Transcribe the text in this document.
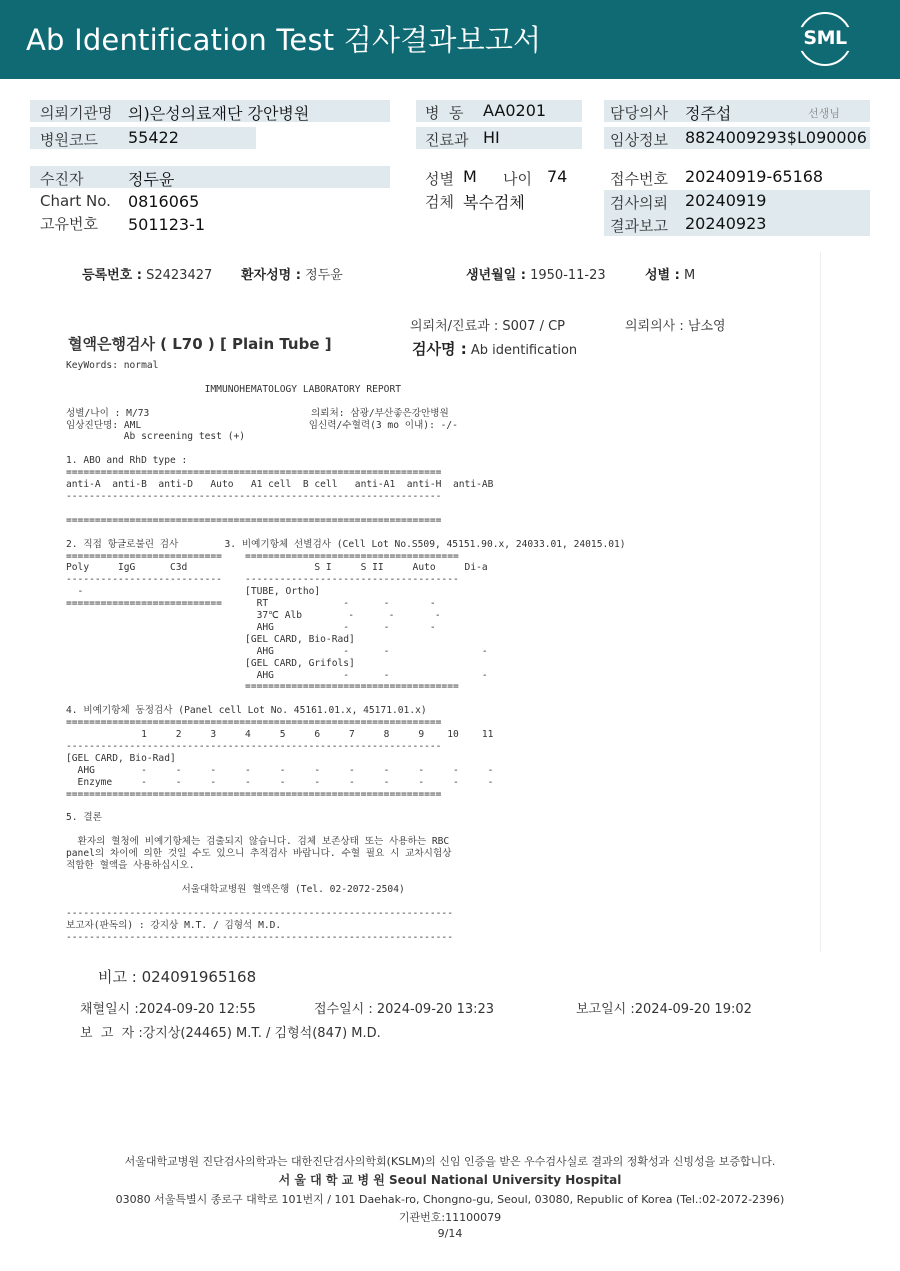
Ab Identification Test 검사결과보고서	SML
의뢰기관명 의)은성의료재단 강안병원
병원코드 55422
수진자	정두윤
Chart No. 0816065
고유번호 501123-1
병  동 AA0201
진료과 HI
성별 M 나이 74
검체 복수검체
담당의사 정주섭	선생님
임상정보 8824009293$L090006
접수번호 20240919-65168
검사의뢰 20240919
결과보고 20240923
등록번호 : S2423427 환자성명 : 정두윤	생년월일 : 1950-11-23	성별 : M
의뢰처/진료과 : S007 / CP	의뢰의사 : 남소영
혈액은행검사 ( L70 ) [ Plain Tube ]	검사명 : Ab identification
KeyWords: normal

IMMUNOHEMATOLOGY LABORATORY REPORT

성별/나이 : M/73                            의뢰처: 삼광/부산좋은강안병원
임상진단명: AML                             임신력/수혈력(3 mo 이내): -/-
Ab screening test (+)

1. ABO and RhD type :
=================================================================
anti-A  anti-B  anti-D   Auto   A1 cell  B cell   anti-A1  anti-H  anti-AB
-----------------------------------------------------------------

=================================================================

2. 직접 항글로불린 검사        3. 비예기항체 선별검사 (Cell Lot No.S509, 45151.90.x, 24033.01, 24015.01)
===========================    =====================================
Poly     IgG      C3d                      S I     S II     Auto     Di-a
---------------------------    -------------------------------------
-                            [TUBE, Ortho]
===========================      RT             -      -       -
37℃ Alb        -      -       -
AHG            -      -       -
[GEL CARD, Bio-Rad]
AHG            -      -                -
[GEL CARD, Grifols]
AHG            -      -                -
=====================================

4. 비예기항체 동정검사 (Panel cell Lot No. 45161.01.x, 45171.01.x)
=================================================================
1     2     3     4     5     6     7     8     9    10    11
-----------------------------------------------------------------
[GEL CARD, Bio-Rad]
AHG        -     -     -     -     -     -     -     -     -     -     -
Enzyme     -     -     -     -     -     -     -     -     -     -     -
=================================================================

5. 결론

환자의 혈청에 비예기항체는 검출되지 않습니다. 검체 보존상태 또는 사용하는 RBC
panel의 차이에 의한 것일 수도 있으니 추적검사 바랍니다. 수혈 필요 시 교차시험상
적합한 혈액을 사용하십시오.

서울대학교병원 혈액은행 (Tel. 02-2072-2504)

-------------------------------------------------------------------
보고자(판독의) : 강지상 M.T. / 김형석 M.D.
-------------------------------------------------------------------
비고 : 024091965168
채혈일시 :2024-09-20 12:55	접수일시 : 2024-09-20 13:23	보고일시 :2024-09-20 19:02
보  고  자 :강지상(24465) M.T. / 김형석(847) M.D.
서울대학교병원 진단검사의학과는 대한진단검사의학회(KSLM)의 신임 인증을 받은 우수검사실로 결과의 정확성과 신빙성을 보증합니다.
서 울 대 학 교 병 원 Seoul National University Hospital
03080 서울특별시 종로구 대학로 101번지 / 101 Daehak-ro, Chongno-gu, Seoul, 03080, Republic of Korea (Tel.:02-2072-2396)
기관번호:11100079
9/14
